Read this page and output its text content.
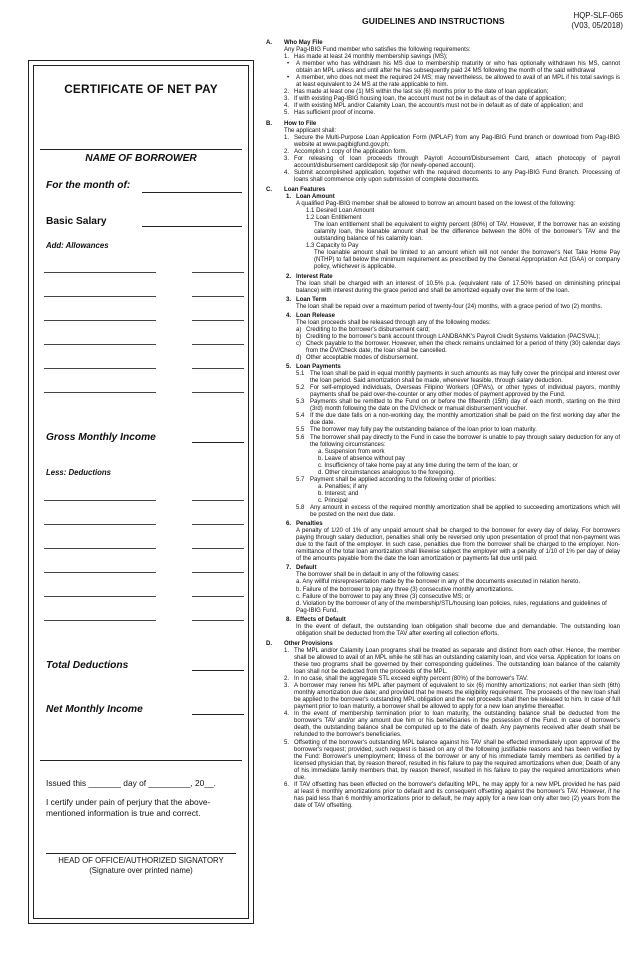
GUIDELINES AND INSTRUCTIONS
HQP-SLF-065
(V03, 05/2018)
CERTIFICATE OF NET PAY
NAME OF BORROWER
For the month of:
Basic Salary
Add: Allowances
Gross Monthly Income
Less: Deductions
Total Deductions
Net Monthly Income
Issued this _______ day of _________, 20__.
I certify under pain of perjury that the above-mentioned information is true and correct.
HEAD OF OFFICE/AUTHORIZED SIGNATORY
(Signature over printed name)
A. Who May File
Any Pag-IBIG Fund member who satisfies the following requirements:
1. Has made at least 24 monthly membership savings (MS);
• A member who has withdrawn his MS due to membership maturity or who has optionally withdrawn his MS, cannot obtain an MPL unless and until after he has subsequently paid 24 MS following the month of the said withdrawal
• A member, who does not meet the required 24 MS; may nevertheless, be allowed to avail of an MPL if his total savings is at least equivalent to 24 MS at the rate applicable to him.
2. Has made at least one (1) MS within the last six (6) months prior to the date of loan application;
3. If with existing Pag-IBIG housing loan, the account must not be in default as of the date of application;
4. If with existing MPL and/or Calamity Loan, the account/s must not be in default as of date of application; and
5. Has sufficient proof of income.
B. How to File
The applicant shall:
1. Secure the Multi-Purpose Loan Application Form (MPLAF) from any Pag-IBIG Fund branch or download from Pag-IBIG website at www.pagibigfund.gov.ph;
2. Accomplish 1 copy of the application form.
3. For releasing of loan proceeds through Payroll Account/Disbursement Card, attach photocopy of payroll account/disbursement card/deposit slip (for newly-opened account).
4. Submit accomplished application, together with the required documents to any Pag-IBIG Fund Branch. Processing of loans shall commence only upon submission of complete documents.
C. Loan Features
1. Loan Amount
A qualified Pag-IBIG member shall be allowed to borrow an amount based on the lowest of the following:
1.1 Desired Loan Amount
1.2 Loan Entitlement
The loan entitlement shall be equivalent to eighty percent (80%) of TAV. However, If the borrower has an existing calamity loan, the loanable amount shall be the difference between the 80% of the borrower's TAV and the outstanding balance of his calamity loan.
1.3 Capacity to Pay
The loanable amount shall be limited to an amount which will not render the borrower's Net Take Home Pay (NTHP) to fall below the minimum requirement as prescribed by the General Appropriation Act (GAA) or company policy, whichever is applicable.
2. Interest Rate
The loan shall be charged with an interest of 10.5% p.a. (equivalent rate of 17.50% based on diminishing principal balance) with interest during the grace period and shall be amortized equally over the term of the loan.
3. Loan Term
The loan shall be repaid over a maximum period of twenty-four (24) months, with a grace period of two (2) months.
4. Loan Release
The loan proceeds shall be released through any of the following modes:
a) Crediting to the borrower's disbursement card;
b) Crediting to the borrower's bank account through LANDBANK's Payroll Credit Systems Validation (PACSVAL);
c) Check payable to the borrower. However, when the check remains unclaimed for a period of thirty (30) calendar days from the DV/Check date, the loan shall be cancelled.
d) Other acceptable modes of disbursement.
5. Loan Payments
5.1 The loan shall be paid in equal monthly payments in such amounts as may fully cover the principal and interest over the loan period. Said amortization shall be made, whenever feasible, through salary deduction.
5.2 For self-employed individuals, Overseas Filipino Workers (OFWs), or other types of individual payors, monthly payments shall be paid over-the-counter or any other modes of payment approved by the Fund.
5.3 Payments shall be remitted to the Fund on or before the fifteenth (15th) day of each month, starting on the third (3rd) month following the date on the DV/check or manual disbursement voucher.
5.4 If the due date falls on a non-working day, the monthly amortization shall be paid on the first working day after the due date.
5.5 The borrower may fully pay the outstanding balance of the loan prior to loan maturity.
5.6 The borrower shall pay directly to the Fund in case the borrower is unable to pay through salary deduction for any of the following circumstances:
a. Suspension from work
b. Leave of absence without pay
c. Insufficiency of take home pay at any time during the term of the loan; or
d. Other circumstances analogous to the foregoing.
5.7 Payment shall be applied according to the following order of priorities:
a. Penalties; if any
b. Interest; and
c. Principal
5.8 Any amount in excess of the required monthly amortization shall be applied to succeeding amortizations which will be posted on the next due date.
6. Penalties
A penalty of 1/20 of 1% of any unpaid amount shall be charged to the borrower for every day of delay. For borrowers paying through salary deduction, penalties shall only be reversed only upon presentation of proof that non-payment was due to the fault of the employer. In such case, penalties due from the borrower shall be charged to the employer. Non-remittance of the total loan amortization shall likewise subject the employer with a penalty of 1/10 of 1% per day of delay of the amounts payable from the date the loan amortization or payments fall due until paid.
7. Default
The borrower shall be in default in any of the following cases:
a. Any willful misrepresentation made by the borrower in any of the documents executed in relation hereto.
b. Failure of the borrower to pay any three (3) consecutive monthly amortizations.
c. Failure of the borrower to pay any three (3) consecutive MS; or
d. Violation by the borrower of any of the membership/STL/housing loan policies, rules, regulations and guidelines of Pag-IBIG Fund.
8. Effects of Default
In the event of default, the outstanding loan obligation shall become due and demandable. The outstanding loan obligation shall be deducted from the TAV after exerting all collection efforts.
D. Other Provisions
1. The MPL and/or Calamity Loan programs shall be treated as separate and distinct from each other. Hence, the member shall be allowed to avail of an MPL while he still has an outstanding calamity loan, and vice versa. Application for loans on these two programs shall be governed by their corresponding guidelines. The outstanding loan balance of the calamity loan shall not be deducted from the proceeds of the MPL.
2. In no case, shall the aggregate STL exceed eighty percent (80%) of the borrower's TAV.
3. A borrower may renew his MPL after payment of equivalent to six (6) monthly amortizations; not earlier than sixth (6th) monthly amortization due date; and provided that he meets the eligibility requirement. The proceeds of the new loan shall be applied to the borrower's outstanding MPL obligation and the net proceeds shall then be released to him. In case of full payment prior to loan maturity, a borrower shall be allowed to apply for a new loan anytime thereafter.
4. In the event of membership termination prior to loan maturity, the outstanding balance shall be deducted from the borrower's TAV and/or any amount due him or his beneficiaries in the possession of the Fund. In case of borrower's death, the outstanding balance shall be computed up to the date of death. Any payments received after death shall be refunded to the borrower's beneficiaries.
5. Offsetting of the borrower's outstanding MPL balance against his TAV shall be effected immediately upon approval of the borrower's request; provided, such request is based on any of the following justifiable reasons and has been verified by the Fund: Borrower's unemployment; Illness of the borrower or any of his immediate family members as certified by a licensed physician that, by reason thereof, resulted in his failure to pay the required amortizations when due; Death of any of his immediate family members that, by reason thereof, resulted in his failure to pay the required amortizations when due.
6. If TAV offsetting has been effected on the borrower's defaulting MPL, he may apply for a new MPL provided he has paid at least 6 monthly amortizations prior to default and its consequent offsetting against the borrower's TAV. However, if he has paid less than 6 monthly amortizations prior to default, he may apply for a new loan only after two (2) years from the date of TAV offsetting.
